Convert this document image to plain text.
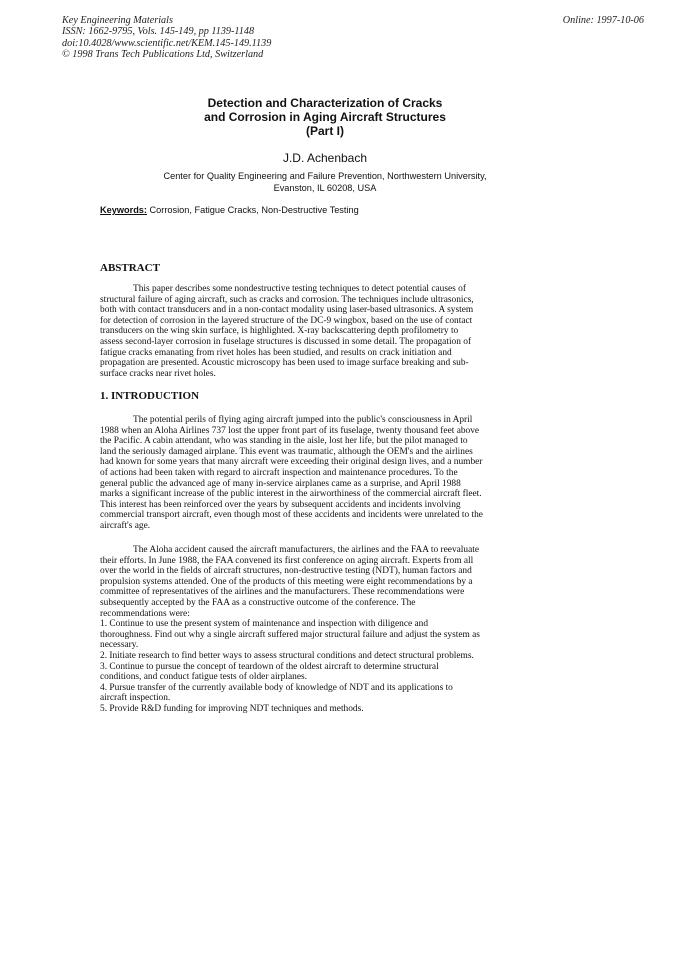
Key Engineering Materials
ISSN: 1662-9795, Vols. 145-149, pp 1139-1148
doi:10.4028/www.scientific.net/KEM.145-149.1139
© 1998 Trans Tech Publications Ltd, Switzerland
Online: 1997-10-06
Detection and Characterization of Cracks
and Corrosion in Aging Aircraft Structures
(Part I)
J.D. Achenbach
Center for Quality Engineering and Failure Prevention, Northwestern University,
Evanston, IL 60208, USA
Keywords: Corrosion, Fatigue Cracks, Non-Destructive Testing
ABSTRACT
This paper describes some nondestructive testing techniques to detect potential causes of
structural failure of aging aircraft, such as cracks and corrosion. The techniques include ultrasonics,
both with contact transducers and in a non-contact modality using laser-based ultrasonics. A system
for detection of corrosion in the layered structure of the DC-9 wingbox, based on the use of contact
transducers on the wing skin surface, is highlighted. X-ray backscattering depth profilometry to
assess second-layer corrosion in fuselage structures is discussed in some detail. The propagation of
fatigue cracks emanating from rivet holes has been studied, and results on crack initiation and
propagation are presented. Acoustic microscopy has been used to image surface breaking and sub-
surface cracks near rivet holes.
1. INTRODUCTION
The potential perils of flying aging aircraft jumped into the public's consciousness in April
1988 when an Aloha Airlines 737 lost the upper front part of its fuselage, twenty thousand feet above
the Pacific. A cabin attendant, who was standing in the aisle, lost her life, but the pilot managed to
land the seriously damaged airplane. This event was traumatic, although the OEM's and the airlines
had known for some years that many aircraft were exceeding their original design lives, and a number
of actions had been taken with regard to aircraft inspection and maintenance procedures. To the
general public the advanced age of many in-service airplanes came as a surprise, and April 1988
marks a significant increase of the public interest in the airworthiness of the commercial aircraft fleet.
This interest has been reinforced over the years by subsequent accidents and incidents involving
commercial transport aircraft, even though most of these accidents and incidents were unrelated to the
aircraft's age.
The Aloha accident caused the aircraft manufacturers, the airlines and the FAA to reevaluate
their efforts. In June 1988, the FAA convened its first conference on aging aircraft. Experts from all
over the world in the fields of aircraft structures, non-destructive testing (NDT), human factors and
propulsion systems attended. One of the products of this meeting were eight recommendations by a
committee of representatives of the airlines and the manufacturers. These recommendations were
subsequently accepted by the FAA as a constructive outcome of the conference. The
recommendations were:
1. Continue to use the present system of maintenance and inspection with diligence and
thoroughness. Find out why a single aircraft suffered major structural failure and adjust the system as
necessary.
2. Initiate research to find better ways to assess structural conditions and detect structural problems.
3. Continue to pursue the concept of teardown of the oldest aircraft to determine structural
conditions, and conduct fatigue tests of older airplanes.
4. Pursue transfer of the currently available body of knowledge of NDT and its applications to
aircraft inspection.
5. Provide R&D funding for improving NDT techniques and methods.
